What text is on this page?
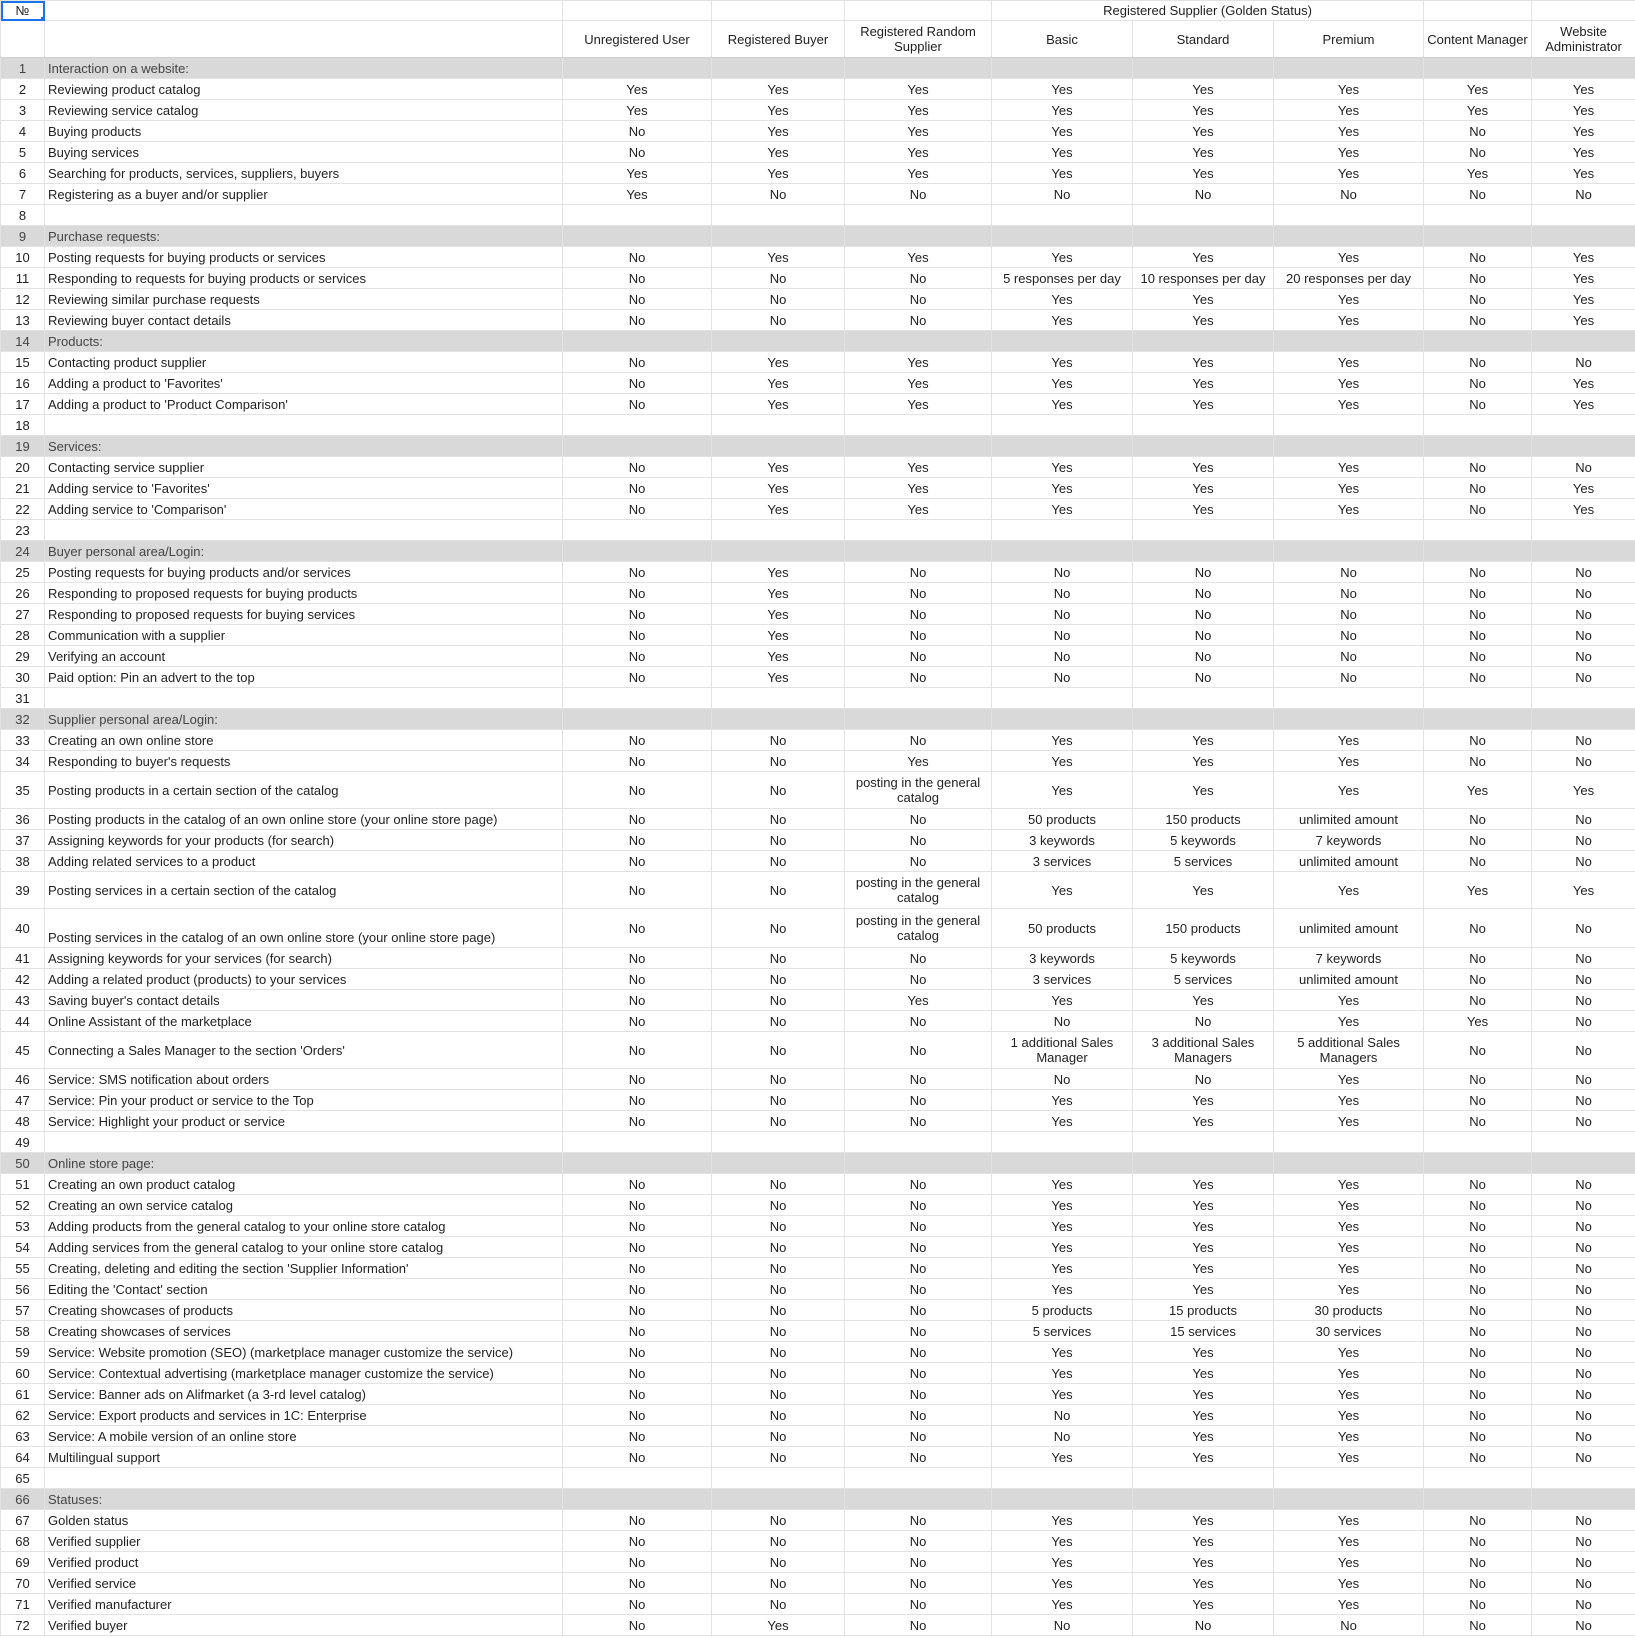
№					Registered Supplier (Golden Status)				
		Unregistered User	Registered Buyer	Registered Random Supplier	Basic	Standard	Premium	Content Manager	Website Administrator
1	Interaction on a website:								
2	Reviewing product catalog	Yes	Yes	Yes	Yes	Yes	Yes	Yes	Yes
3	Reviewing service catalog	Yes	Yes	Yes	Yes	Yes	Yes	Yes	Yes
4	Buying products	No	Yes	Yes	Yes	Yes	Yes	No	Yes
5	Buying services	No	Yes	Yes	Yes	Yes	Yes	No	Yes
6	Searching for products, services, suppliers, buyers	Yes	Yes	Yes	Yes	Yes	Yes	Yes	Yes
7	Registering as a buyer and/or supplier	Yes	No	No	No	No	No	No	No
8									
9	Purchase requests:								
10	Posting requests for buying products or services	No	Yes	Yes	Yes	Yes	Yes	No	Yes
11	Responding to requests for buying products or services	No	No	No	5 responses per day	10 responses per day	20 responses per day	No	Yes
12	Reviewing similar purchase requests	No	No	No	Yes	Yes	Yes	No	Yes
13	Reviewing buyer contact details	No	No	No	Yes	Yes	Yes	No	Yes
14	Products:								
15	Contacting product supplier	No	Yes	Yes	Yes	Yes	Yes	No	No
16	Adding a product to 'Favorites'	No	Yes	Yes	Yes	Yes	Yes	No	Yes
17	Adding a product to 'Product Comparison'	No	Yes	Yes	Yes	Yes	Yes	No	Yes
18									
19	Services:								
20	Contacting service supplier	No	Yes	Yes	Yes	Yes	Yes	No	No
21	Adding service to 'Favorites'	No	Yes	Yes	Yes	Yes	Yes	No	Yes
22	Adding service to 'Comparison'	No	Yes	Yes	Yes	Yes	Yes	No	Yes
23									
24	Buyer personal area/Login:								
25	Posting requests for buying products and/or services	No	Yes	No	No	No	No	No	No
26	Responding to proposed requests for buying products	No	Yes	No	No	No	No	No	No
27	Responding to proposed requests for buying services	No	Yes	No	No	No	No	No	No
28	Communication with a supplier	No	Yes	No	No	No	No	No	No
29	Verifying an account	No	Yes	No	No	No	No	No	No
30	Paid option: Pin an advert to the top	No	Yes	No	No	No	No	No	No
31									
32	Supplier personal area/Login:								
33	Creating an own online store	No	No	No	Yes	Yes	Yes	No	No
34	Responding to buyer's requests	No	No	Yes	Yes	Yes	Yes	No	No
35	Posting products in a certain section of the catalog	No	No	posting in the general catalog	Yes	Yes	Yes	Yes	Yes
36	Posting products in the catalog of an own online store (your online store page)	No	No	No	50 products	150 products	unlimited amount	No	No
37	Assigning keywords for your products (for search)	No	No	No	3 keywords	5 keywords	7 keywords	No	No
38	Adding related services to a product	No	No	No	3 services	5 services	unlimited amount	No	No
39	Posting services in a certain section of the catalog	No	No	posting in the general catalog	Yes	Yes	Yes	Yes	Yes
40	Posting services in the catalog of an own online store (your online store page)	No	No	posting in the general catalog	50 products	150 products	unlimited amount	No	No
41	Assigning keywords for your services (for search)	No	No	No	3 keywords	5 keywords	7 keywords	No	No
42	Adding a related product (products) to your services	No	No	No	3 services	5 services	unlimited amount	No	No
43	Saving buyer's contact details	No	No	Yes	Yes	Yes	Yes	No	No
44	Online Assistant of the marketplace	No	No	No	No	No	Yes	Yes	No
45	Connecting a Sales Manager to the section 'Orders'	No	No	No	1 additional Sales Manager	3 additional Sales Managers	5 additional Sales Managers	No	No
46	Service: SMS notification about orders	No	No	No	No	No	Yes	No	No
47	Service: Pin your product or service to the Top	No	No	No	Yes	Yes	Yes	No	No
48	Service: Highlight your product or service	No	No	No	Yes	Yes	Yes	No	No
49									
50	Online store page:								
51	Creating an own product catalog	No	No	No	Yes	Yes	Yes	No	No
52	Creating an own service catalog	No	No	No	Yes	Yes	Yes	No	No
53	Adding products from the general catalog to your online store catalog	No	No	No	Yes	Yes	Yes	No	No
54	Adding services from the general catalog to your online store catalog	No	No	No	Yes	Yes	Yes	No	No
55	Creating, deleting and editing the section 'Supplier Information'	No	No	No	Yes	Yes	Yes	No	No
56	Editing the 'Contact' section	No	No	No	Yes	Yes	Yes	No	No
57	Creating showcases of products	No	No	No	5 products	15 products	30 products	No	No
58	Creating showcases of services	No	No	No	5 services	15 services	30 services	No	No
59	Service: Website promotion (SEO) (marketplace manager customize the service)	No	No	No	Yes	Yes	Yes	No	No
60	Service: Contextual advertising (marketplace manager customize the service)	No	No	No	Yes	Yes	Yes	No	No
61	Service: Banner ads on Alifmarket (a 3-rd level catalog)	No	No	No	Yes	Yes	Yes	No	No
62	Service: Export products and services in 1C: Enterprise	No	No	No	No	Yes	Yes	No	No
63	Service: A mobile version of an online store	No	No	No	No	Yes	Yes	No	No
64	Multilingual support	No	No	No	Yes	Yes	Yes	No	No
65									
66	Statuses:								
67	Golden status	No	No	No	Yes	Yes	Yes	No	No
68	Verified supplier	No	No	No	Yes	Yes	Yes	No	No
69	Verified product	No	No	No	Yes	Yes	Yes	No	No
70	Verified service	No	No	No	Yes	Yes	Yes	No	No
71	Verified manufacturer	No	No	No	Yes	Yes	Yes	No	No
72	Verified buyer	No	Yes	No	No	No	No	No	No
